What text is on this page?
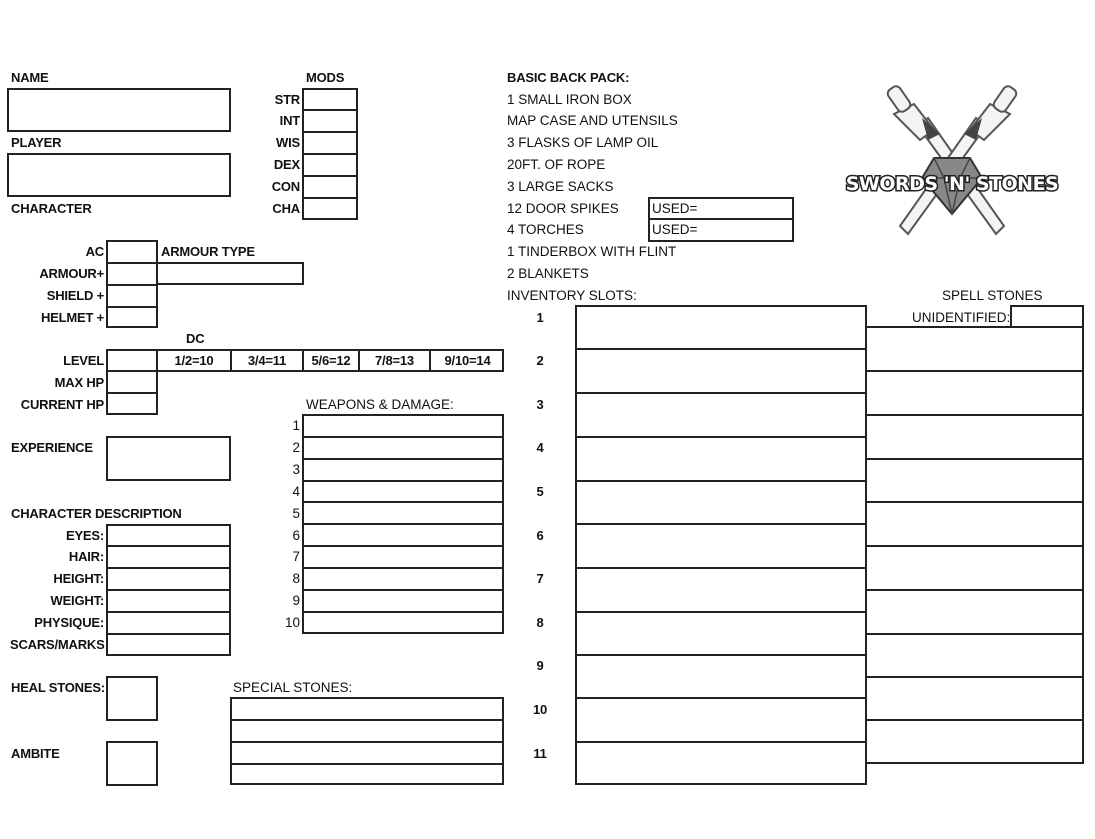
NAME
PLAYER
CHARACTER
MODS
STR
INT
WIS
DEX
CON
CHA
AC	ARMOUR TYPE
ARMOUR+
SHIELD +
HELMET +
DC
LEVEL	1/2=10	3/4=11	5/6=12	7/8=13	9/10=14
MAX HP
CURRENT HP
EXPERIENCE
CHARACTER DESCRIPTION
EYES:
HAIR:
HEIGHT:
WEIGHT:
PHYSIQUE:
SCARS/MARKS
HEAL STONES:
AMBITE
WEAPONS & DAMAGE:
1
2
3
4
5
6
7
8
9
10
SPECIAL STONES:
BASIC BACK PACK:
1 SMALL IRON BOX
MAP CASE AND UTENSILS
3 FLASKS OF LAMP OIL
20FT. OF ROPE
3 LARGE SACKS
12 DOOR SPIKES
4 TORCHES
1 TINDERBOX WITH FLINT
2 BLANKETS
USED=
USED=
INVENTORY SLOTS:
1
2
3
4
5
6
7
8
9
10
11
SPELL STONES
UNIDENTIFIED:
SWORDS 'N' STONES
